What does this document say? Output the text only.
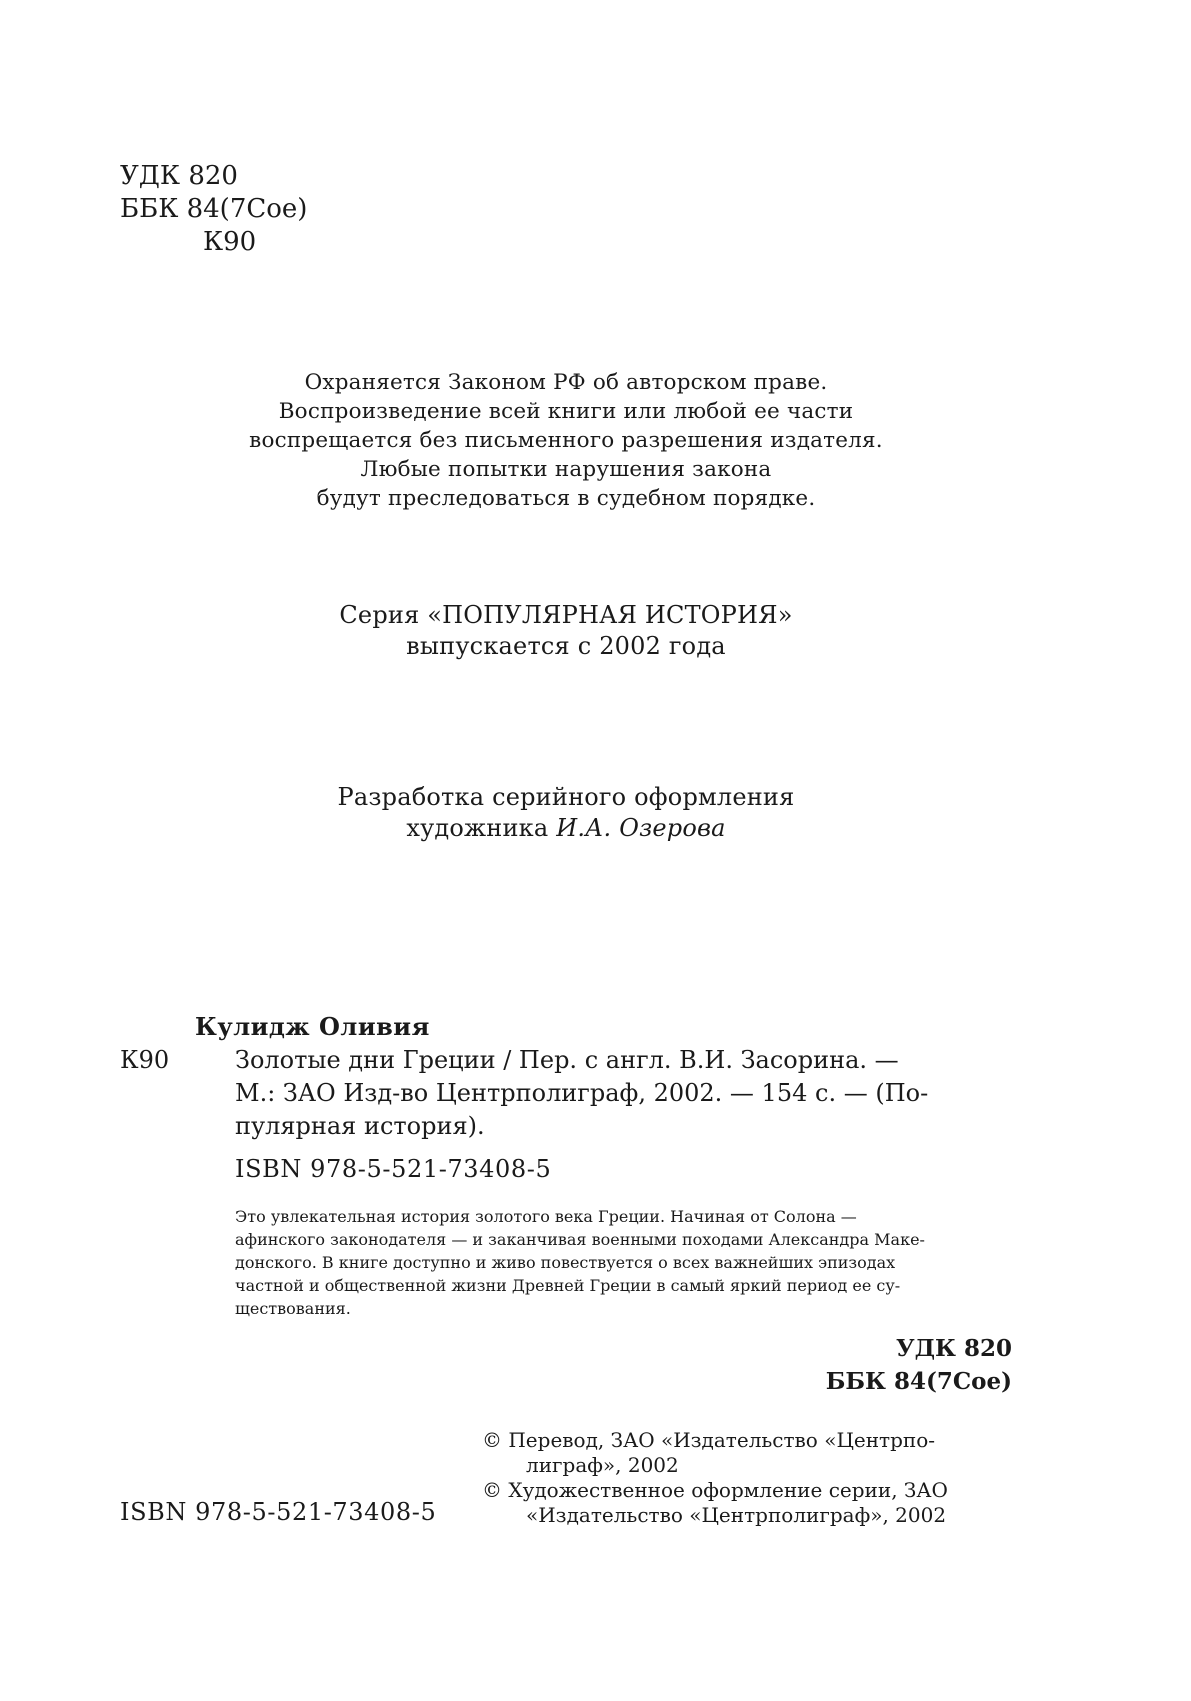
УДК 820
ББК 84(7Сое)
К90
Охраняется Законом РФ об авторском праве.
Воспроизведение всей книги или любой ее части
воспрещается без письменного разрешения издателя.
Любые попытки нарушения закона
будут преследоваться в судебном порядке.
Серия «ПОПУЛЯРНАЯ ИСТОРИЯ»
выпускается с 2002 года
Разработка серийного оформления
художника И.А. Озерова
Кулидж Оливия
К90	Золотые дни Греции / Пер. с англ. В.И. Засорина. —
М.: ЗАО Изд-во Центрполиграф, 2002. — 154 с. — (По-
пулярная история).
ISBN 978-5-521-73408-5
Это увлекательная история золотого века Греции. Начиная от Солона —
афинского законодателя — и заканчивая военными походами Александра Маке-
донского. В книге доступно и живо повествуется о всех важнейших эпизодах
частной и общественной жизни Древней Греции в самый яркий период ее су-
ществования.
УДК 820
ББК 84(7Сое)
© Перевод, ЗАО «Издательство «Центрпо-
лиграф», 2002
© Художественное оформление серии, ЗАО
«Издательство «Центрполиграф», 2002
ISBN 978-5-521-73408-5
